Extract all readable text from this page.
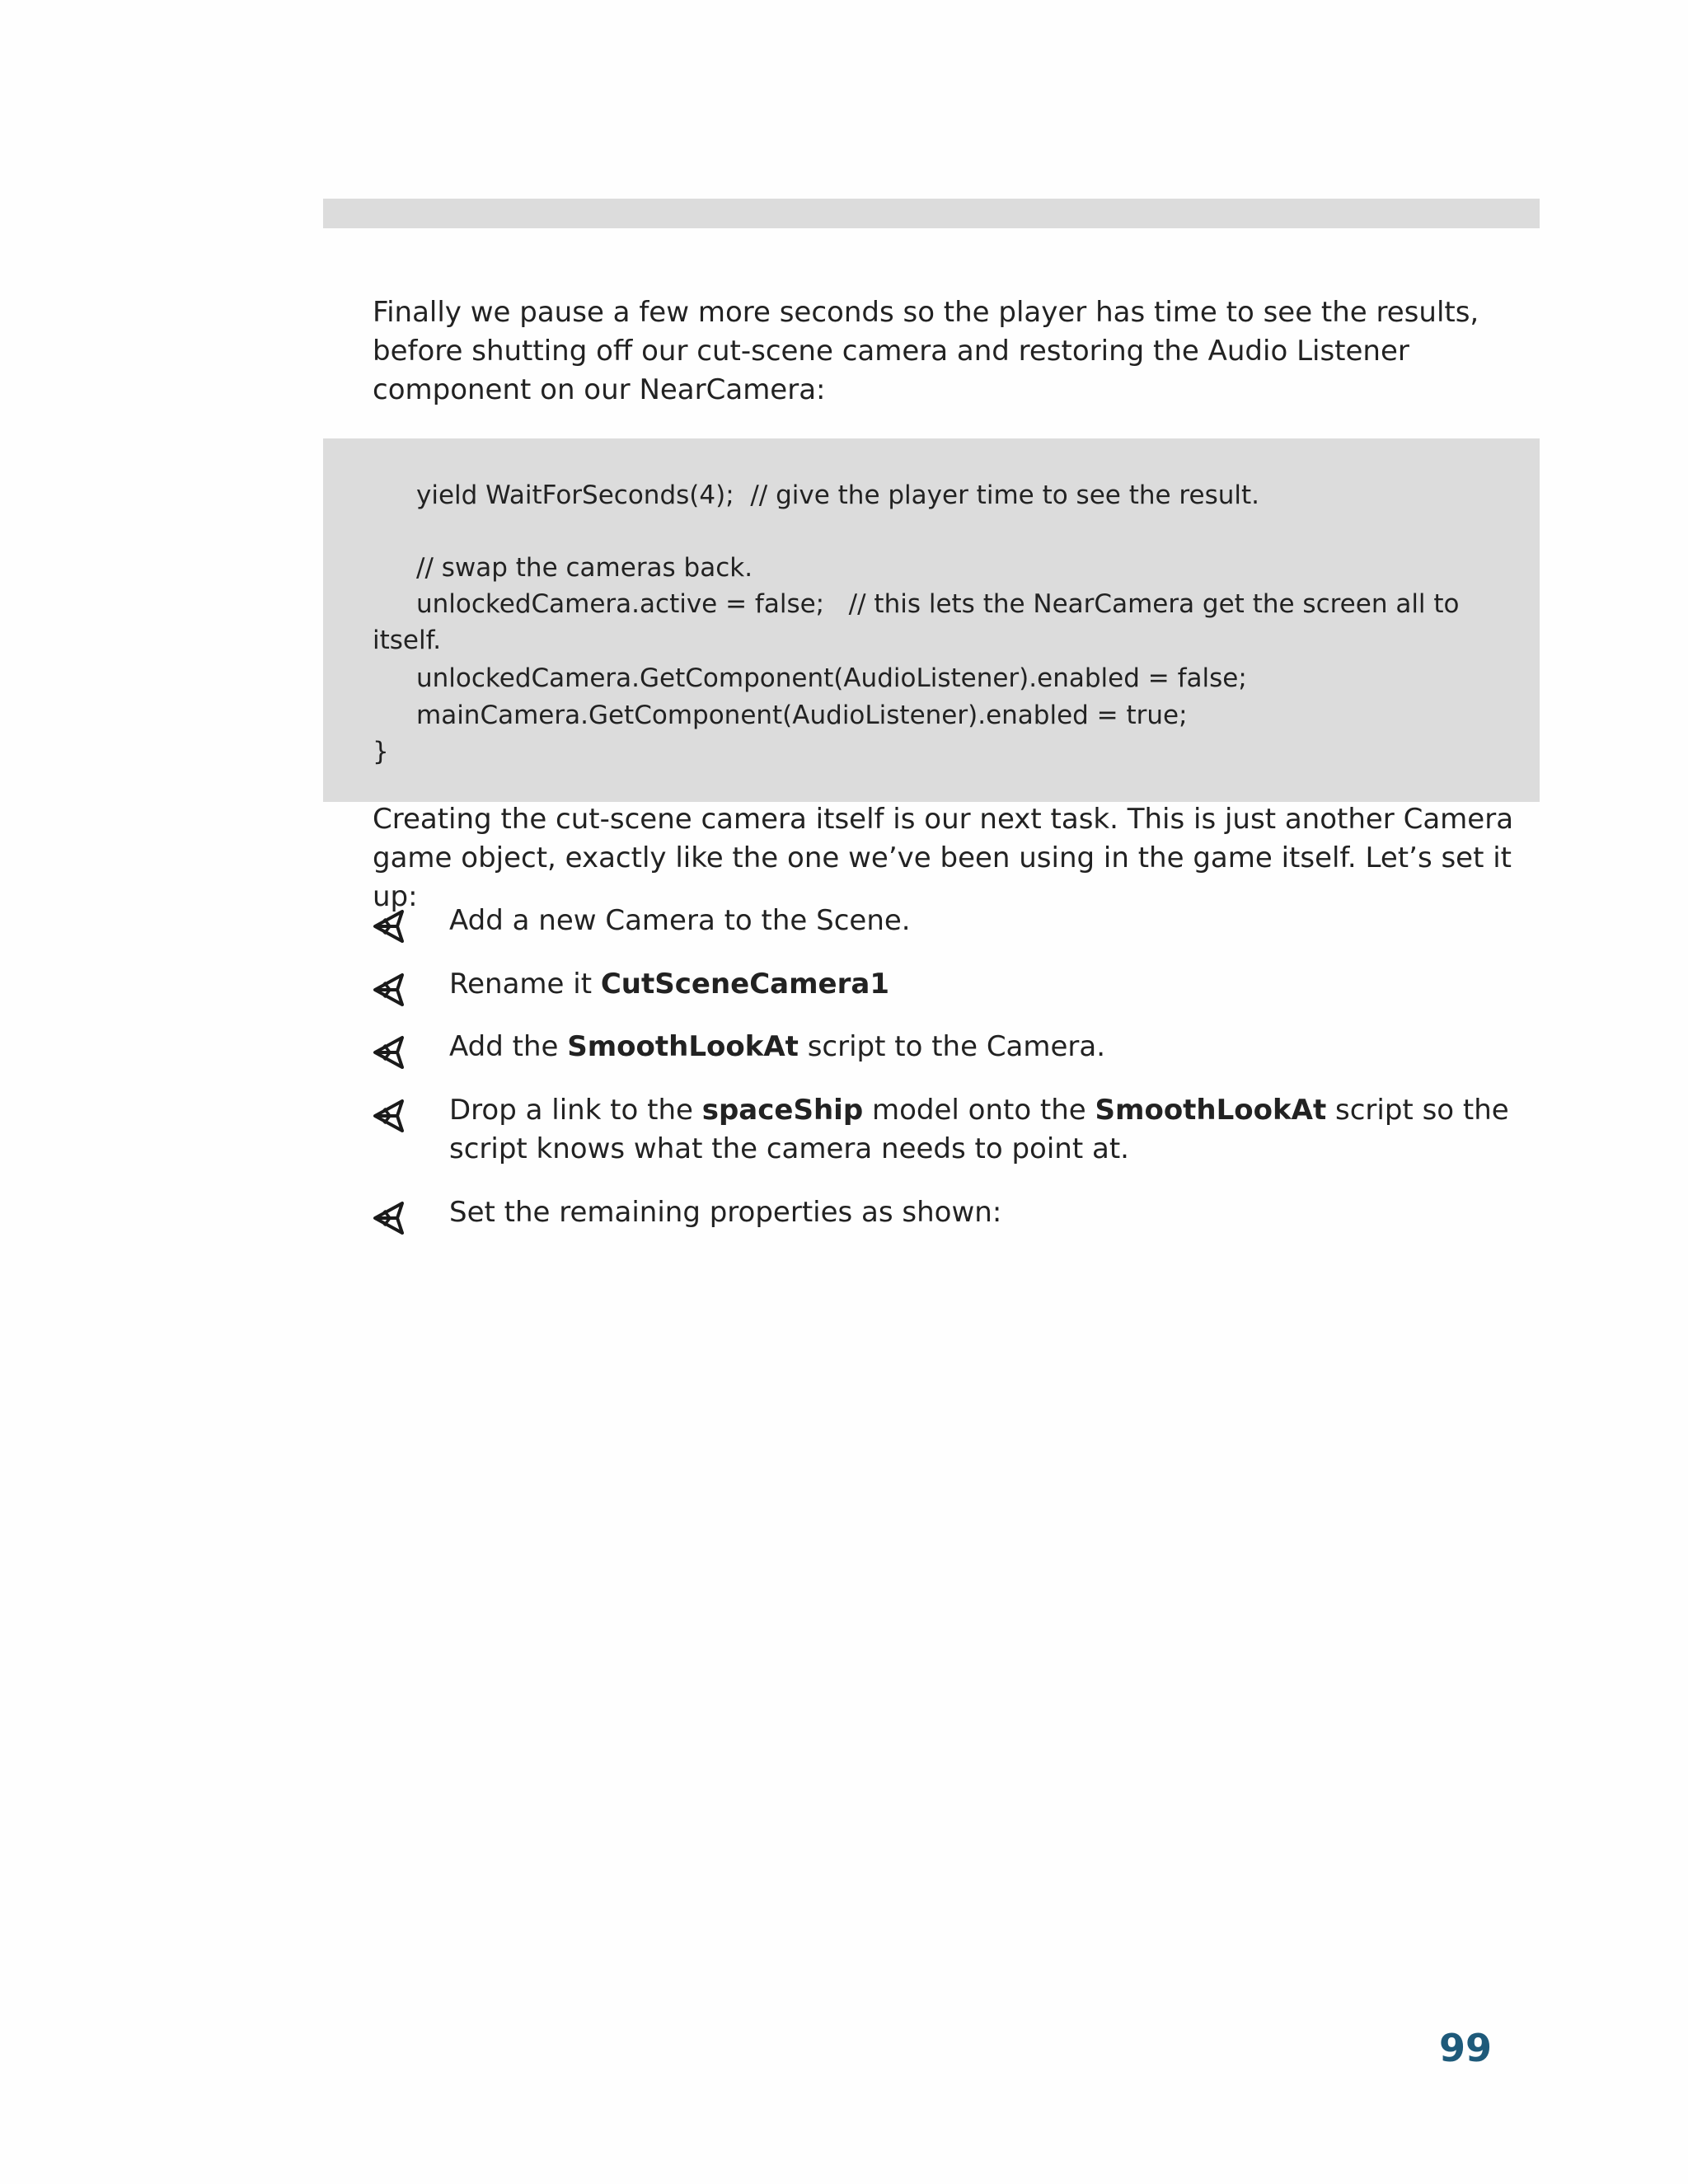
Finally we pause a few more seconds so the player has time to see the results, before shutting off our cut-scene camera and restoring the Audio Listener component on our NearCamera:

yield WaitForSeconds(4);  // give the player time to see the result.
// swap the cameras back.
unlockedCamera.active = false;   // this lets the NearCamera get the screen all to
itself.
unlockedCamera.GetComponent(AudioListener).enabled = false;
mainCamera.GetComponent(AudioListener).enabled = true;
}

Creating the cut-scene camera itself is our next task. This is just another Camera game object, exactly like the one we’ve been using in the game itself. Let’s set it up:

Add a new Camera to the Scene.
Rename it CutSceneCamera1
Add the SmoothLookAt script to the Camera.
Drop a link to the spaceShip model onto the SmoothLookAt script so the script knows what the camera needs to point at.
Set the remaining properties as shown:
99
